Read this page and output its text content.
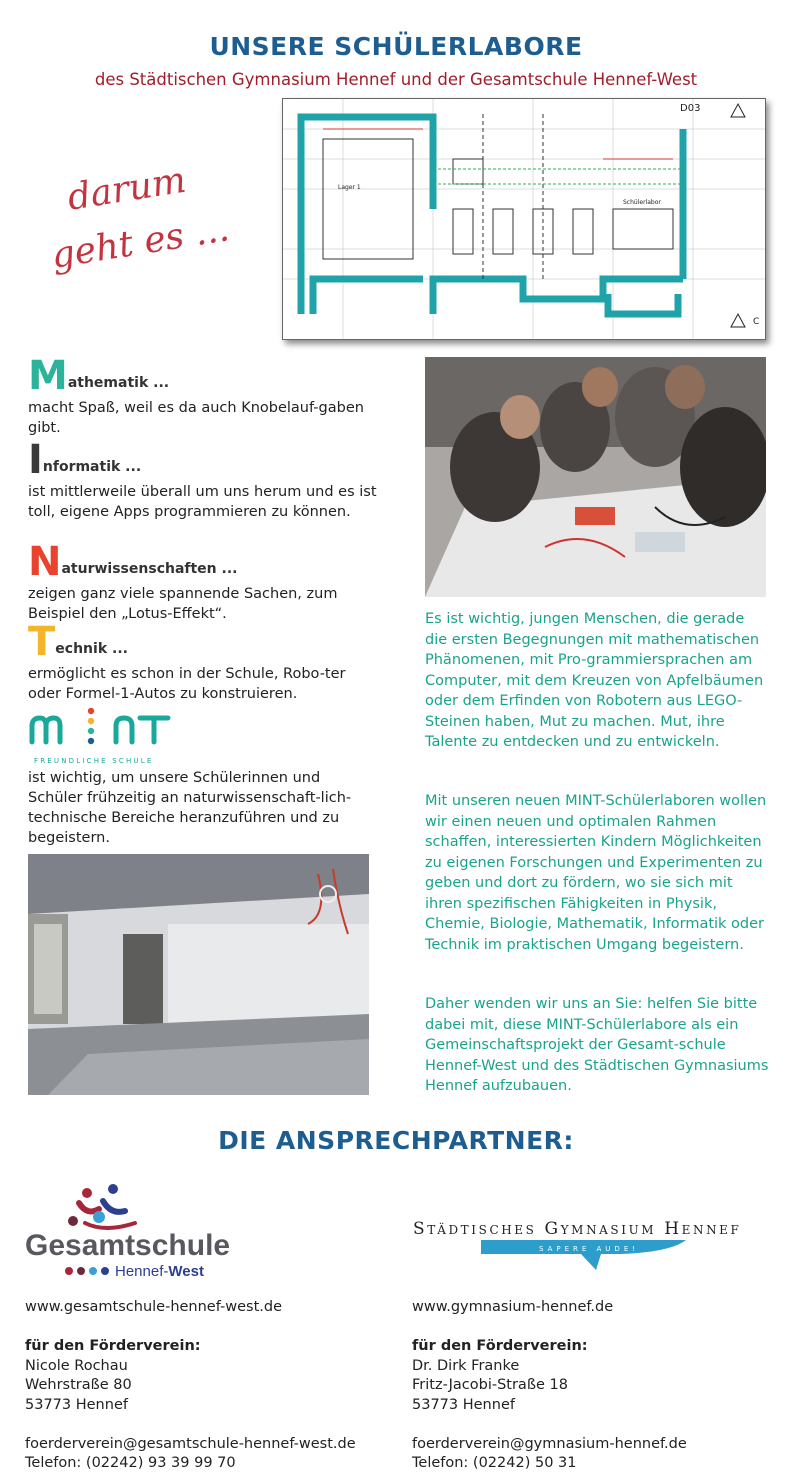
UNSERE SCHÜLERLABORE
des Städtischen Gymnasium Hennef und der Gesamtschule Hennef-West
darum
geht es ...
Lager 1
Schülerlabor
D03
C
Mathematik ...
macht Spaß, weil es da auch Knobelauf-gaben gibt.
Informatik ...
ist mittlerweile überall um uns herum und es ist toll, eigene Apps programmieren zu können.
Naturwissenschaften ...
zeigen ganz viele spannende Sachen, zum Beispiel den „Lotus-Effekt“.
Technik ...
ermöglicht es schon in der Schule, Robo-ter oder Formel-1-Autos zu konstruieren.
FREUNDLICHE SCHULE
ist wichtig, um unsere Schülerinnen und Schüler frühzeitig an naturwissenschaft-lich-technische Bereiche heranzuführen und zu begeistern.
Es ist wichtig, jungen Menschen, die gerade die ersten Begegnungen mit mathematischen Phänomenen, mit Pro-grammiersprachen am Computer, mit dem Kreuzen von Apfelbäumen oder dem Erfinden von Robotern aus LEGO-Steinen haben, Mut zu machen. Mut, ihre Talente zu entdecken und zu entwickeln.
Mit unseren neuen MINT-Schülerlaboren wollen wir einen neuen und optimalen Rahmen schaffen, interessierten Kindern Möglichkeiten zu eigenen Forschungen und Experimenten zu geben und dort zu fördern, wo sie sich mit ihren spezifischen Fähigkeiten in Physik, Chemie, Biologie, Mathematik, Informatik oder Technik im praktischen Umgang begeistern.
Daher wenden wir uns an Sie: helfen Sie bitte dabei mit, diese MINT-Schülerlabore als ein Gemeinschaftsprojekt der Gesamt-schule Hennef-West und des Städtischen Gymnasiums Hennef aufzubauen.
DIE ANSPRECHPARTNER:
Gesamtschule
Hennef-West
Städtisches Gymnasium Hennef
SAPERE AUDE!
www.gesamtschule-hennef-west.de
für den Förderverein:
Nicole Rochau
Wehrstraße 80
53773 Hennef
foerderverein@gesamtschule-hennef-west.de
Telefon: (02242) 93 39 99 70
www.gymnasium-hennef.de
für den Förderverein:
Dr. Dirk Franke
Fritz-Jacobi-Straße 18
53773 Hennef
foerderverein@gymnasium-hennef.de
Telefon: (02242) 50 31
